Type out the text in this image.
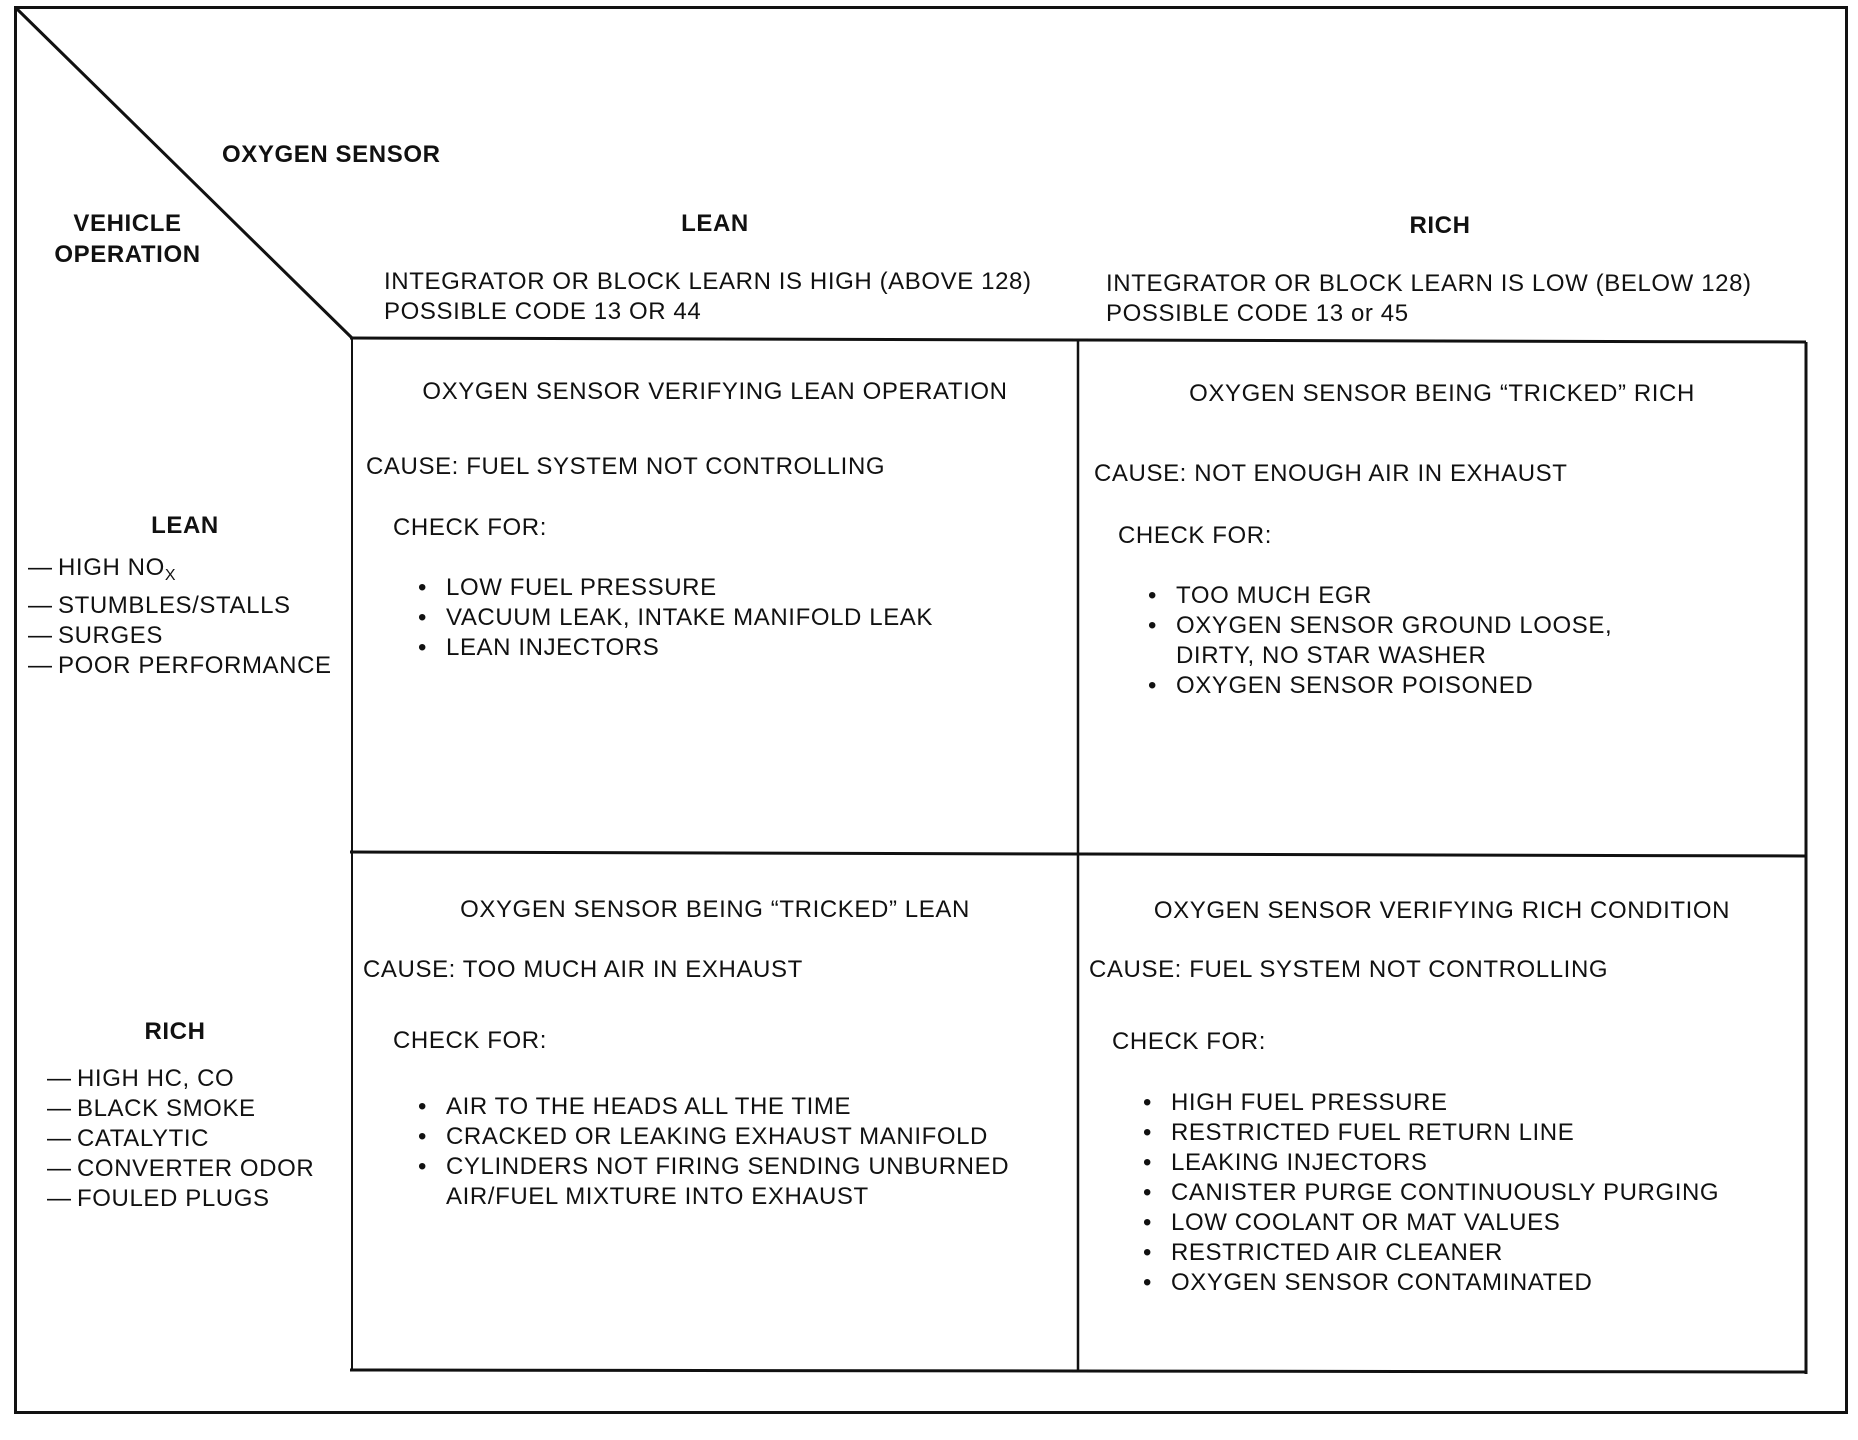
OXYGEN SENSOR
VEHICLE
OPERATION
LEAN
INTEGRATOR OR BLOCK LEARN IS HIGH (ABOVE 128)
POSSIBLE CODE 13 OR 44
RICH
INTEGRATOR OR BLOCK LEARN IS LOW (BELOW 128)
POSSIBLE CODE 13 or 45
LEAN
— HIGH $NO_X$
— STUMBLES/STALLS
— SURGES
— POOR PERFORMANCE
RICH
— HIGH HC, CO
— BLACK SMOKE
— CATALYTIC
— CONVERTER ODOR
— FOULED PLUGS
OXYGEN SENSOR VERIFYING LEAN OPERATION
CAUSE: FUEL SYSTEM NOT CONTROLLING
CHECK FOR:
• LOW FUEL PRESSURE
• VACUUM LEAK, INTAKE MANIFOLD LEAK
• LEAN INJECTORS
OXYGEN SENSOR BEING “TRICKED” RICH
CAUSE: NOT ENOUGH AIR IN EXHAUST
CHECK FOR:
• TOO MUCH EGR
• OXYGEN SENSOR GROUND LOOSE,
DIRTY, NO STAR WASHER
• OXYGEN SENSOR POISONED
OXYGEN SENSOR BEING “TRICKED” LEAN
CAUSE: TOO MUCH AIR IN EXHAUST
CHECK FOR:
• AIR TO THE HEADS ALL THE TIME
• CRACKED OR LEAKING EXHAUST MANIFOLD
• CYLINDERS NOT FIRING SENDING UNBURNED
AIR/FUEL MIXTURE INTO EXHAUST
OXYGEN SENSOR VERIFYING RICH CONDITION
CAUSE: FUEL SYSTEM NOT CONTROLLING
CHECK FOR:
• HIGH FUEL PRESSURE
• RESTRICTED FUEL RETURN LINE
• LEAKING INJECTORS
• CANISTER PURGE CONTINUOUSLY PURGING
• LOW COOLANT OR MAT VALUES
• RESTRICTED AIR CLEANER
• OXYGEN SENSOR CONTAMINATED
